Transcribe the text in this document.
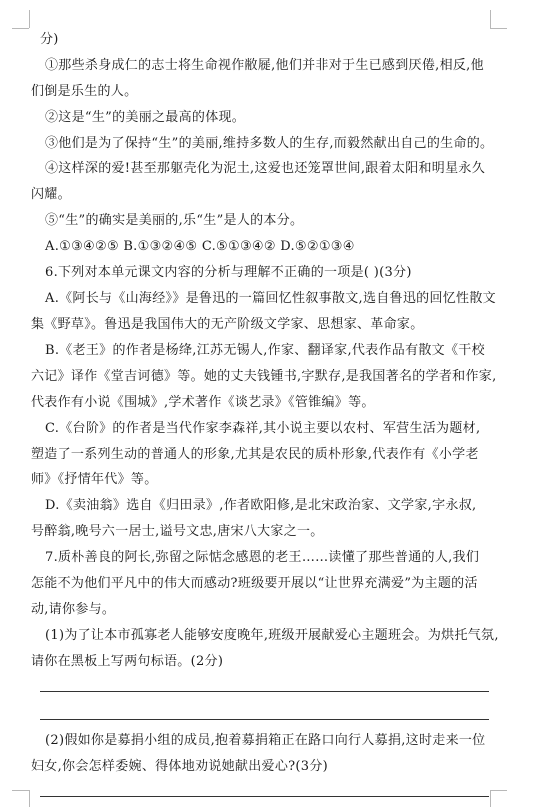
分)
①那些杀身成仁的志士将生命视作敝屣,他们并非对于生已感到厌倦,相反,他
们倒是乐生的人。
②这是“生”的美丽之最高的体现。
③他们是为了保持“生”的美丽,维持多数人的生存,而毅然献出自己的生命的。
④这样深的爱!甚至那躯壳化为泥土,这爱也还笼罩世间,跟着太阳和明星永久
闪耀。
⑤“生”的确实是美丽的,乐“生”是人的本分。
A.①③④②⑤ B.①③②④⑤ C.⑤①③④② D.⑤②①③④
6.下列对本单元课文内容的分析与理解不正确的一项是( )(3分)
A.《阿长与《山海经》》是鲁迅的一篇回忆性叙事散文,选自鲁迅的回忆性散文
集《野草》。鲁迅是我国伟大的无产阶级文学家、思想家、革命家。
B.《老王》的作者是杨绛,江苏无锡人,作家、翻译家,代表作品有散文《干校
六记》译作《堂吉诃德》等。她的丈夫钱锺书,字默存,是我国著名的学者和作家,
代表作有小说《围城》,学术著作《谈艺录》《管锥编》等。
C.《台阶》的作者是当代作家李森祥,其小说主要以农村、军营生活为题材,
塑造了一系列生动的普通人的形象,尤其是农民的质朴形象,代表作有《小学老
师》《抒情年代》等。
D.《卖油翁》选自《归田录》,作者欧阳修,是北宋政治家、文学家,字永叔,
号醉翁,晚号六一居士,谥号文忠,唐宋八大家之一。
7.质朴善良的阿长,弥留之际惦念感恩的老王……读懂了那些普通的人,我们
怎能不为他们平凡中的伟大而感动?班级要开展以“让世界充满爱”为主题的活
动,请你参与。
(1)为了让本市孤寡老人能够安度晚年,班级开展献爱心主题班会。为烘托气氛,
请你在黑板上写两句标语。(2分)
(2)假如你是募捐小组的成员,抱着募捐箱正在路口向行人募捐,这时走来一位
妇女,你会怎样委婉、得体地劝说她献出爱心?(3分)
